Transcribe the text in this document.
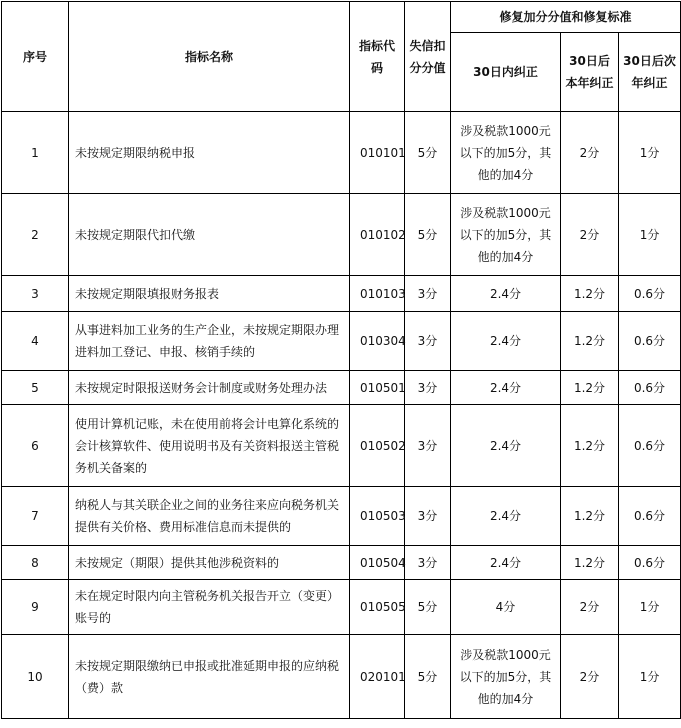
序号	指标名称	指标代码	失信扣分分值	修复加分分值和修复标准		
				30日内纠正	30日后本年纠正	30日后次年纠正
1	未按规定期限纳税申报	010101	5分	涉及税款1000元以下的加5分，其他的加4分	2分	1分
2	未按规定期限代扣代缴	010102	5分	涉及税款1000元以下的加5分，其他的加4分	2分	1分
3	未按规定期限填报财务报表	010103	3分	2.4分	1.2分	0.6分
4	从事进料加工业务的生产企业，未按规定期限办理进料加工登记、申报、核销手续的	010304	3分	2.4分	1.2分	0.6分
5	未按规定时限报送财务会计制度或财务处理办法	010501	3分	2.4分	1.2分	0.6分
6	使用计算机记账，未在使用前将会计电算化系统的会计核算软件、使用说明书及有关资料报送主管税务机关备案的	010502	3分	2.4分	1.2分	0.6分
7	纳税人与其关联企业之间的业务往来应向税务机关提供有关价格、费用标准信息而未提供的	010503	3分	2.4分	1.2分	0.6分
8	未按规定（期限）提供其他涉税资料的	010504	3分	2.4分	1.2分	0.6分
9	未在规定时限内向主管税务机关报告开立（变更）账号的	010505	5分	4分	2分	1分
10	未按规定期限缴纳已申报或批准延期申报的应纳税（费）款	020101	5分	涉及税款1000元以下的加5分，其他的加4分	2分	1分
